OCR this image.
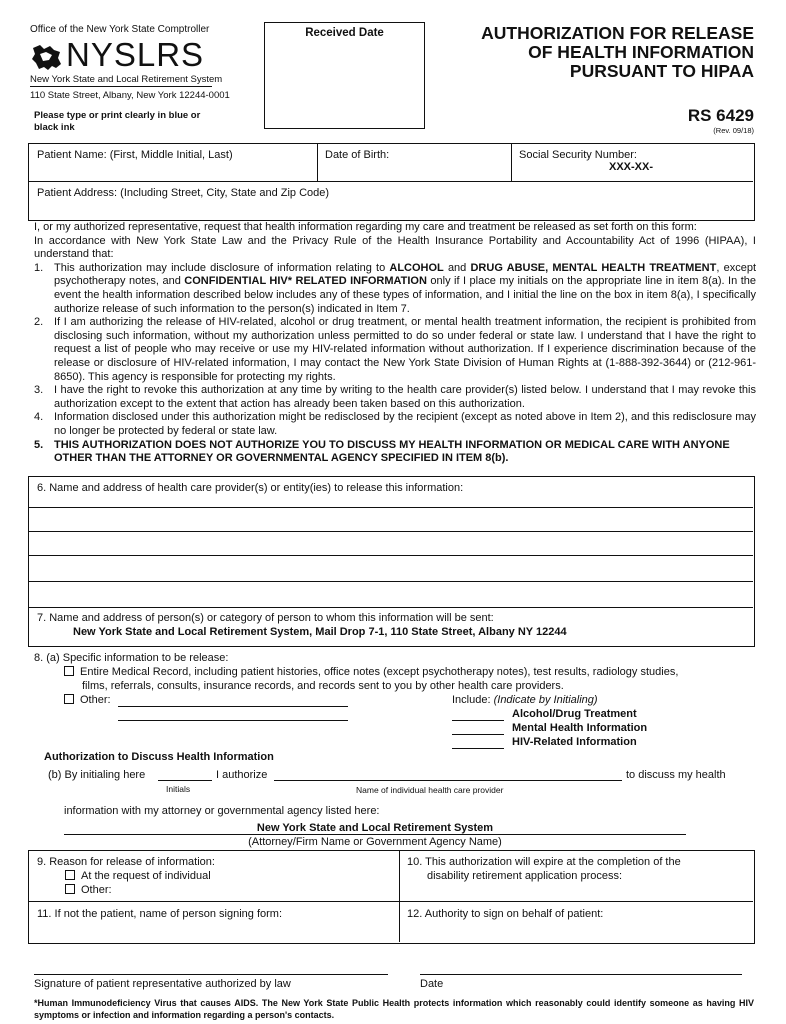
Office of the New York State Comptroller
NYSLRS
New York State and Local Retirement System
110 State Street, Albany, New York 12244-0001
Please type or print clearly in blue or black ink
Received Date	AUTHORIZATION FOR RELEASE
OF HEALTH INFORMATION
PURSUANT TO HIPAA
RS 6429
(Rev. 09/18)
Patient Name: (First, Middle Initial, Last)	Date of Birth:	Social Security Number:
XXX-XX-
Patient Address: (Including Street, City, State and Zip Code)

I, or my authorized representative, request that health information regarding my care and treatment be released as set forth on this form:

In accordance with New York State Law and the Privacy Rule of the Health Insurance Portability and Accountability Act of 1996 (HIPAA), I understand that:

1. This authorization may include disclosure of information relating to ALCOHOL and DRUG ABUSE, MENTAL HEALTH TREATMENT, except psychotherapy notes, and CONFIDENTIAL HIV* RELATED INFORMATION only if I place my initials on the appropriate line in item 8(a). In the event the health information described below includes any of these types of information, and I initial the line on the box in item 8(a), I specifically authorize release of such information to the person(s) indicated in Item 7.
2. If I am authorizing the release of HIV-related, alcohol or drug treatment, or mental health treatment information, the recipient is prohibited from disclosing such information, without my authorization unless permitted to do so under federal or state law. I understand that I have the right to request a list of people who may receive or use my HIV-related information without authorization. If I experience discrimination because of the release or disclosure of HIV-related information, I may contact the New York State Division of Human Rights at (1-888-392-3644) or (212-961-8650). This agency is responsible for protecting my rights.
3. I have the right to revoke this authorization at any time by writing to the health care provider(s) listed below. I understand that I may revoke this authorization except to the extent that action has already been taken based on this authorization.
4. Information disclosed under this authorization might be redisclosed by the recipient (except as noted above in Item 2), and this redisclosure may no longer be protected by federal or state law.
5. THIS AUTHORIZATION DOES NOT AUTHORIZE YOU TO DISCUSS MY HEALTH INFORMATION OR MEDICAL CARE WITH ANYONE OTHER THAN THE ATTORNEY OR GOVERNMENTAL AGENCY SPECIFIED IN ITEM 8(b).
6. Name and address of health care provider(s) or entity(ies) to release this information:
7. Name and address of person(s) or category of person to whom this information will be sent:
New York State and Local Retirement System, Mail Drop 7-1, 110 State Street, Albany NY 12244
8. (a) Specific information to be release:
Entire Medical Record, including patient histories, office notes (except psychotherapy notes), test results, radiology studies,
films, referrals, consults, insurance records, and records sent to you by other health care providers.
Other:	Include: (Indicate by Initialing)
Alcohol/Drug Treatment
Mental Health Information
HIV-Related Information
Authorization to Discuss Health Information
(b) By initialing here	I authorize	to discuss my health
Initials	Name of individual health care provider
information with my attorney or governmental agency listed here:
New York State and Local Retirement System
(Attorney/Firm Name or Government Agency Name)
9. Reason for release of information:
At the request of individual
Other:
10. This authorization will expire at the completion of the
disability retirement application process:
11. If not the patient, name of person signing form:	12. Authority to sign on behalf of patient:
Signature of patient representative authorized by law	Date
*Human Immunodeficiency Virus that causes AIDS. The New York State Public Health protects information which reasonably could identify someone as having HIV symptoms or infection and information regarding a person's contacts.
